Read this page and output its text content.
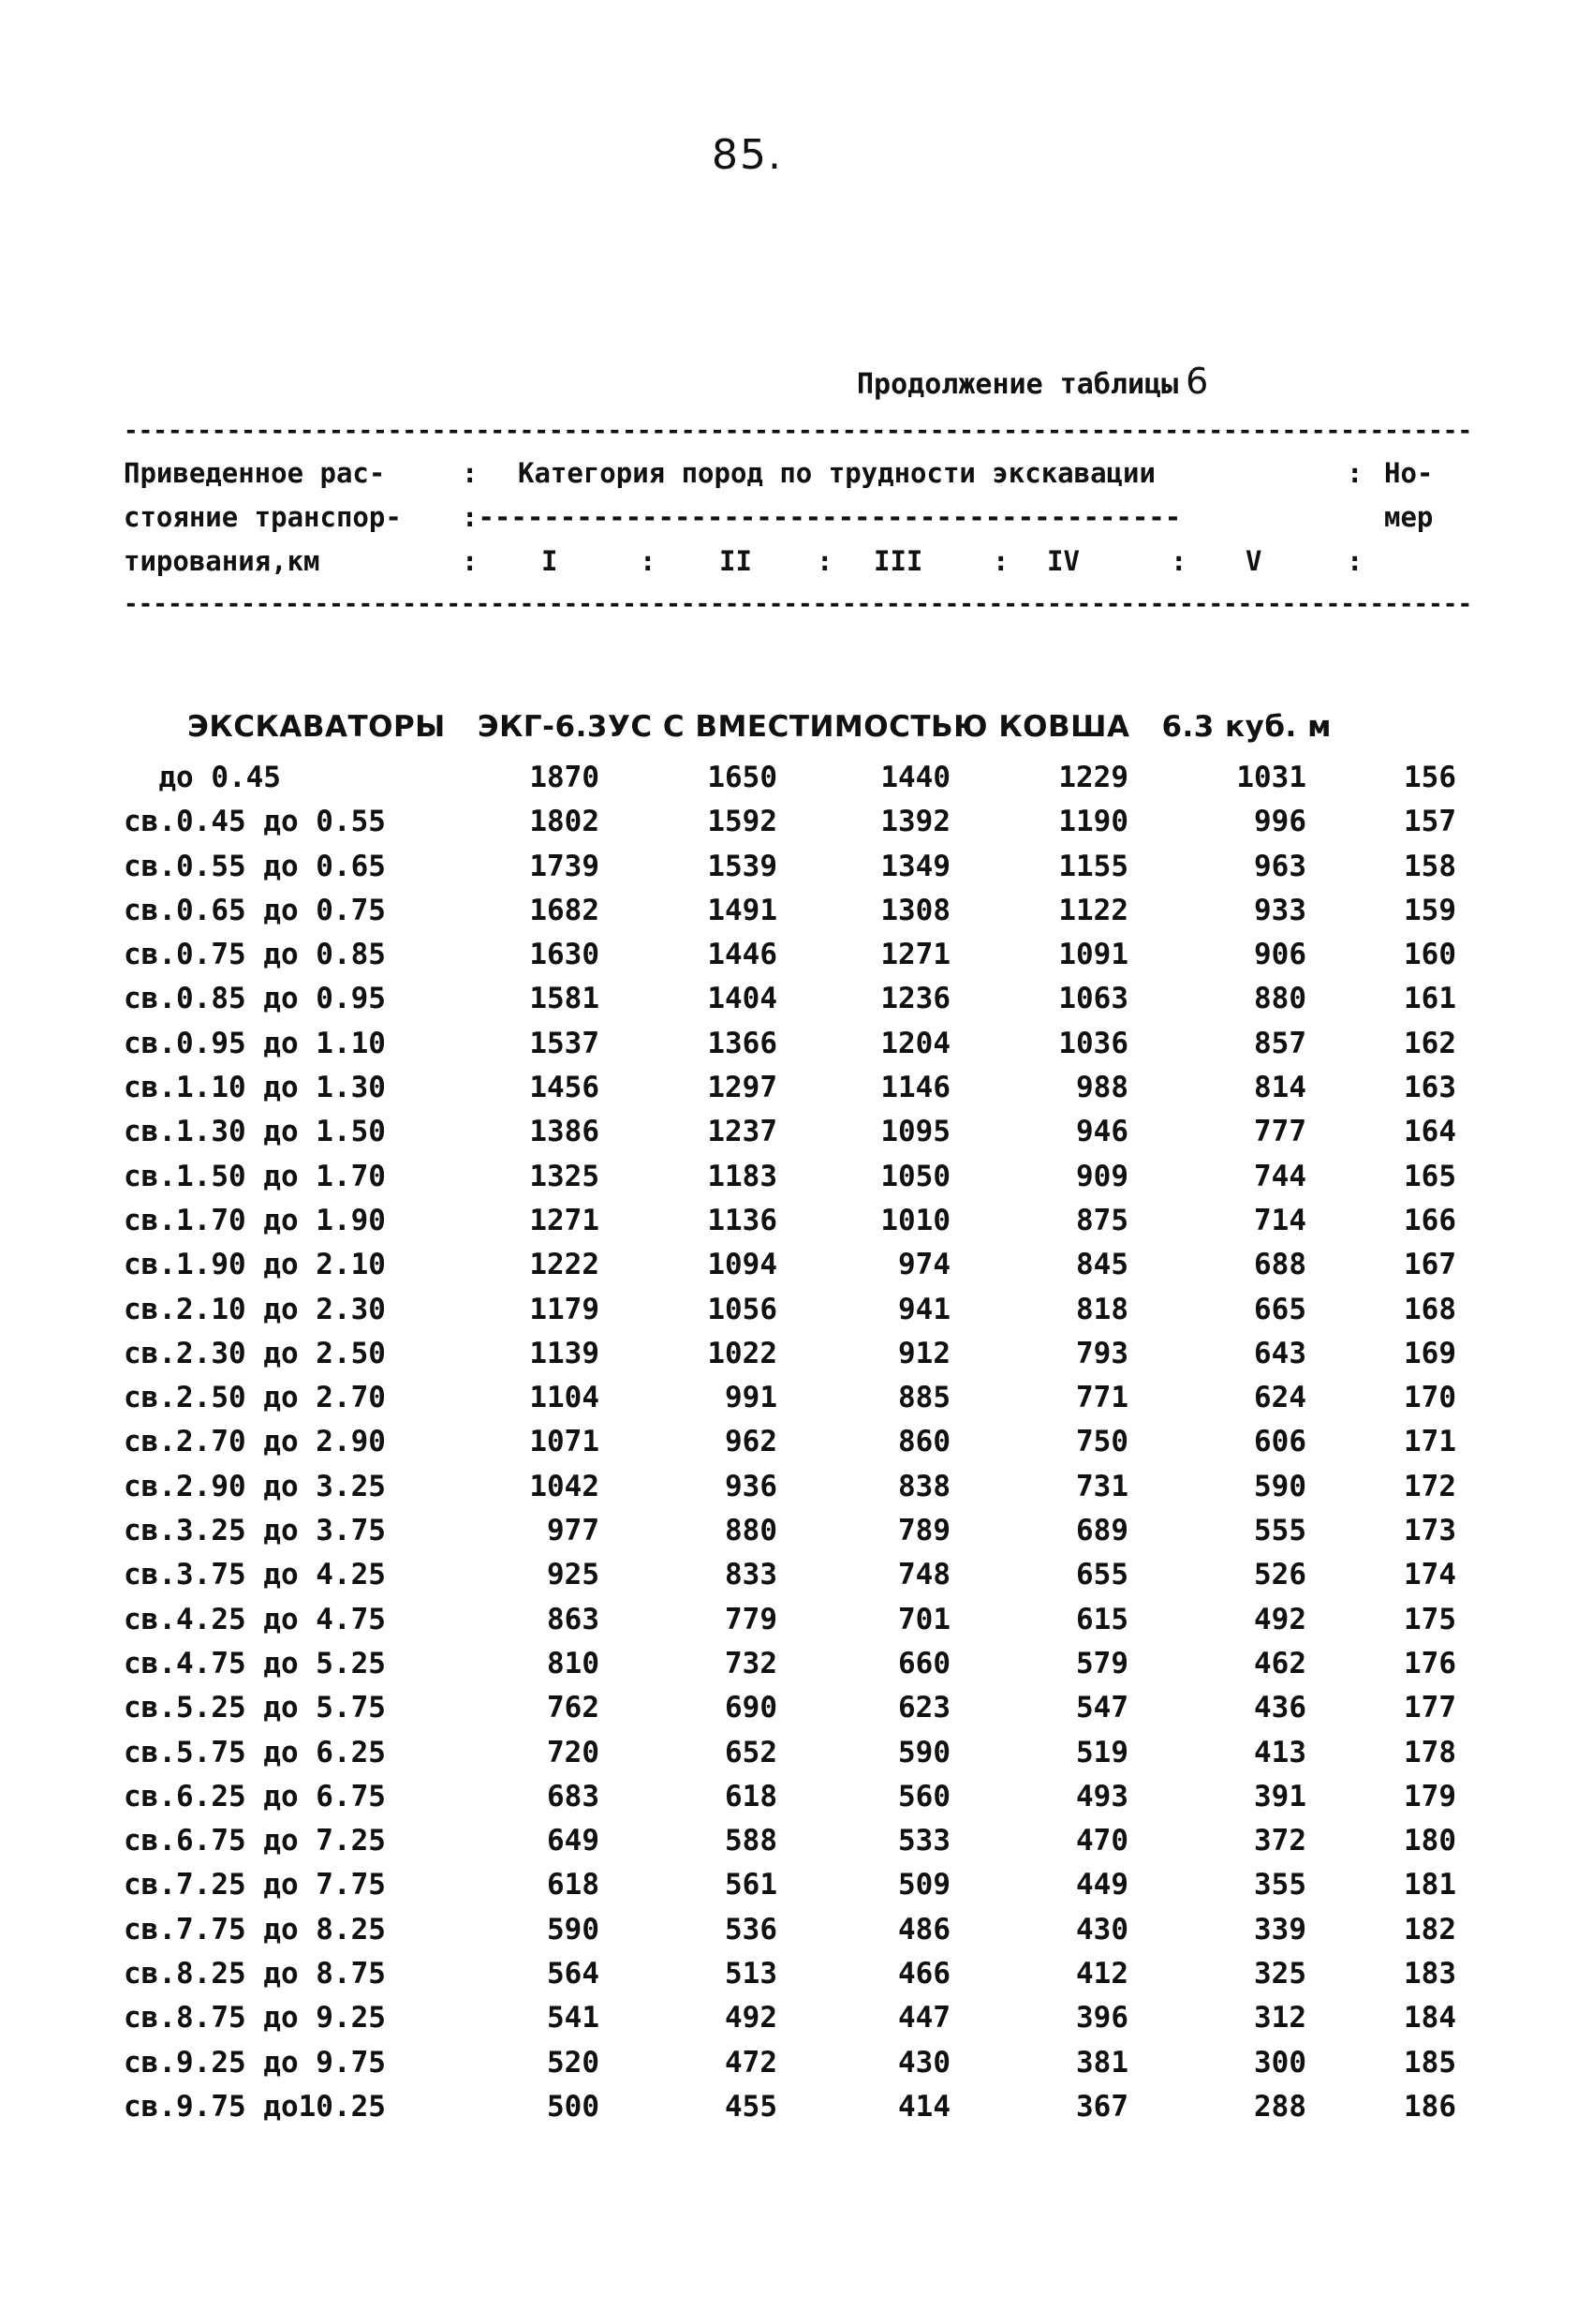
85.
Продолжение таблицы 6
-----
Приведенное рас-	: Категория пород по трудности экскавации	: Но-
стояние транспор- :-------------------------------------------	мер
тирования,км	: I	: II : III	: IV	: V	:
-----

ЭКСКАВАТОРЫ ЭКГ-6.3УС С ВМЕСТИМОСТЬЮ КОВША 6.3 куб. м

до 0.45	1870	1650	1440	1229	1031	156
св.0.45 до 0.55	1802	1592	1392	1190	996	157
св.0.55 до 0.65	1739	1539	1349	1155	963	158
св.0.65 до 0.75	1682	1491	1308	1122	933	159
св.0.75 до 0.85	1630	1446	1271	1091	906	160
св.0.85 до 0.95	1581	1404	1236	1063	880	161
св.0.95 до 1.10	1537	1366	1204	1036	857	162
св.1.10 до 1.30	1456	1297	1146	988	814	163
св.1.30 до 1.50	1386	1237	1095	946	777	164
св.1.50 до 1.70	1325	1183	1050	909	744	165
св.1.70 до 1.90	1271	1136	1010	875	714	166
св.1.90 до 2.10	1222	1094	974	845	688	167
св.2.10 до 2.30	1179	1056	941	818	665	168
св.2.30 до 2.50	1139	1022	912	793	643	169
св.2.50 до 2.70	1104	991	885	771	624	170
св.2.70 до 2.90	1071	962	860	750	606	171
св.2.90 до 3.25	1042	936	838	731	590	172
св.3.25 до 3.75	977	880	789	689	555	173
св.3.75 до 4.25	925	833	748	655	526	174
св.4.25 до 4.75	863	779	701	615	492	175
св.4.75 до 5.25	810	732	660	579	462	176
св.5.25 до 5.75	762	690	623	547	436	177
св.5.75 до 6.25	720	652	590	519	413	178
св.6.25 до 6.75	683	618	560	493	391	179
св.6.75 до 7.25	649	588	533	470	372	180
св.7.25 до 7.75	618	561	509	449	355	181
св.7.75 до 8.25	590	536	486	430	339	182
св.8.25 до 8.75	564	513	466	412	325	183
св.8.75 до 9.25	541	492	447	396	312	184
св.9.25 до 9.75	520	472	430	381	300	185
св.9.75 до10.25	500	455	414	367	288	186
